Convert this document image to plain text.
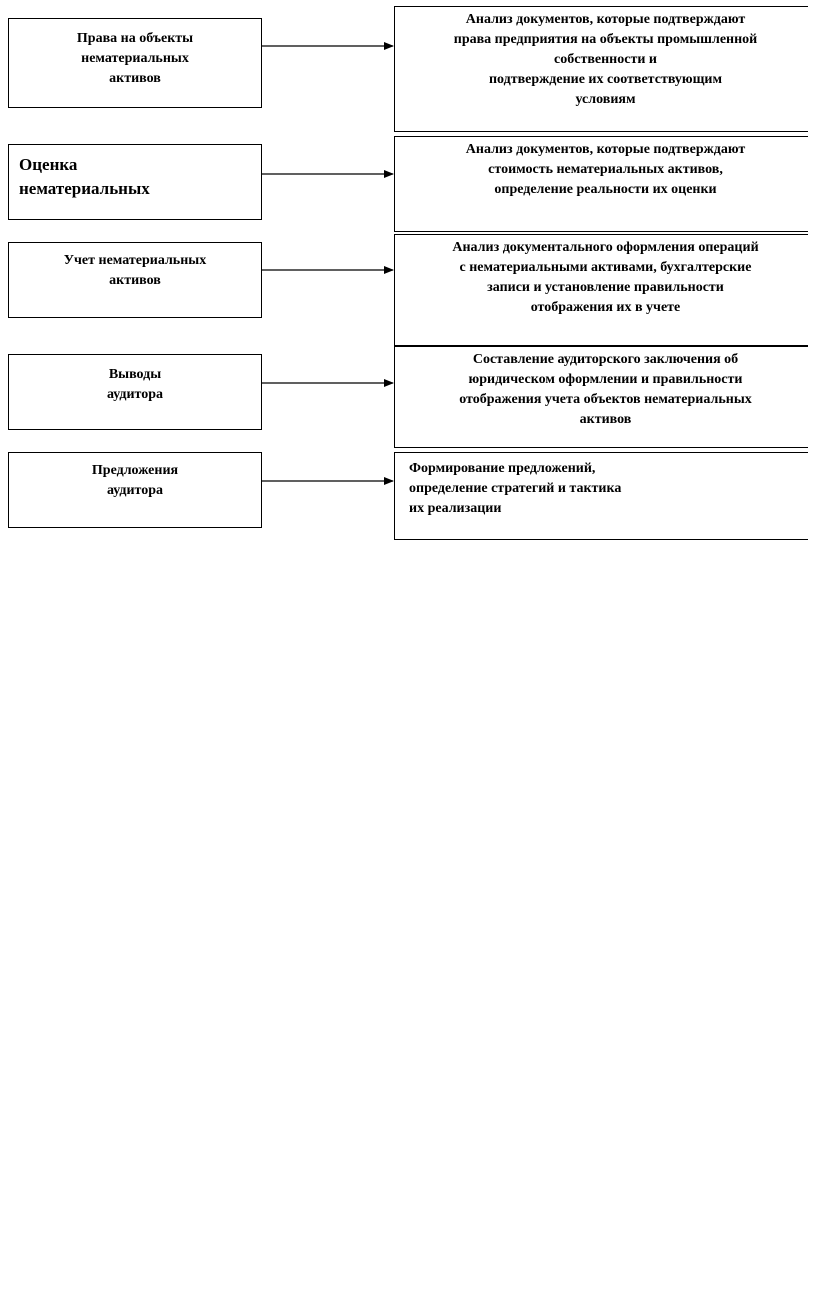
Права на объекты
нематериальных
активов
Анализ документов, которые подтверждают
права предприятия на объекты промышленной
собственности и
подтверждение их соответствующим
условиям
Оценка
нематериальных
Анализ документов, которые подтверждают
стоимость нематериальных активов,
определение реальности их оценки
Учет нематериальных
активов
Анализ документального оформления операций
с нематериальными активами, бухгалтерские
записи и установление правильности
отображения их в учете
Выводы
аудитора
Составление аудиторского заключения об
юридическом оформлении и правильности
отображения учета объектов нематериальных
активов
Предложения
аудитора
Формирование предложений,
определение стратегий и тактика
их реализации
